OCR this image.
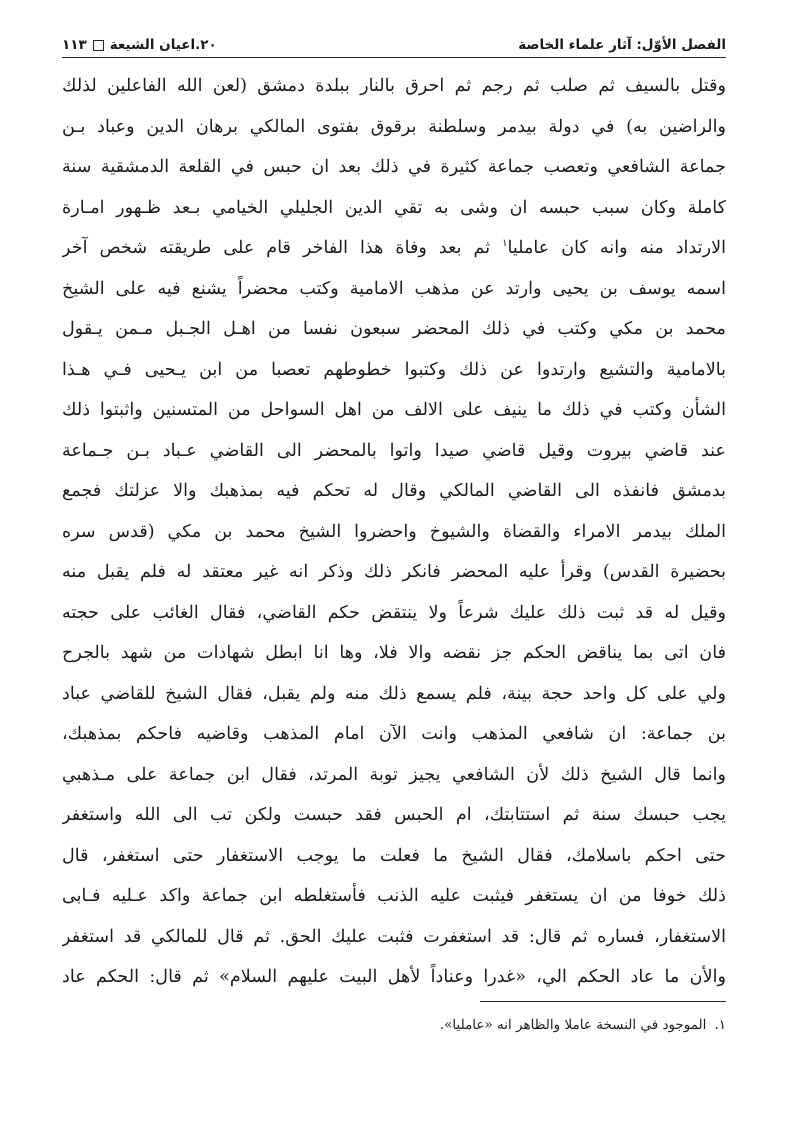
الفصل الأوّل: آثار علماء الخاصة
٢٠.اعيان الشيعة
١١٣
وقتل بالسيف ثم صلب ثم رجم ثم احرق بالنار ببلدة دمشق (لعن الله الفاعلين لذلك
والراضين به) في دولة بيدمر وسلطنة برقوق بفتوى المالكي برهان الدين وعباد بـن
جماعة الشافعي وتعصب جماعة كثيرة في ذلك بعد ان حبس في القلعة الدمشقية سنة
كاملة وكان سبب حبسه ان وشى به تقي الدين الجليلي الخيامي بـعد ظـهور امـارة
الارتداد منه وانه كان عامليا$^١$ ثم بعد وفاة هذا الفاخر قام على طريقته شخص آخر
اسمه يوسف بن يحيى وارتد عن مذهب الامامية وكتب محضراً يشنع فيه على الشيخ
محمد بن مكي وكتب في ذلك المحضر سبعون نفسا من اهـل الجـبل مـمن يـقول
بالامامية والتشيع وارتدوا عن ذلك وكتبوا خطوطهم تعصبا من ابن يـحيى فـي هـذا
الشأن وكتب في ذلك ما ينيف على الالف من اهل السواحل من المتسنين واثبتوا ذلك
عند قاضي بيروت وقيل قاضي صيدا واتوا بالمحضر الى القاضي عـباد بـن جـماعة
بدمشق فانفذه الى القاضي المالكي وقال له تحكم فيه بمذهبك والا عزلتك فجمع
الملك بيدمر الامراء والقضاة والشيوخ واحضروا الشيخ محمد بن مكي (قدس سره
بحضيرة القدس) وقرأ عليه المحضر فانكر ذلك وذكر انه غير معتقد له فلم يقبل منه
وقيل له قد ثبت ذلك عليك شرعاً ولا ينتقض حكم القاضي، فقال الغائب على حجته
فان اتى بما يناقض الحكم جز نقضه والا فلا، وها انا ابطل شهادات من شهد بالجرح
ولي على كل واحد حجة بينة، فلم يسمع ذلك منه ولم يقبل، فقال الشيخ للقاضي عباد
بن جماعة: ان شافعي المذهب وانت الآن امام المذهب وقاضيه فاحكم بمذهبك،
وانما قال الشيخ ذلك لأن الشافعي يجيز توبة المرتد، فقال ابن جماعة على مـذهبي
يجب حبسك سنة ثم استتابتك، ام الحبس فقد حبست ولكن تب الى الله واستغفر
حتى احكم باسلامك، فقال الشيخ ما فعلت ما يوجب الاستغفار حتى استغفر، قال
ذلك خوفا من ان يستغفر فيثبت عليه الذنب فأستغلطه ابن جماعة واكد عـليه فـابى
الاستغفار، فساره ثم قال: قد استغفرت فثبت عليك الحق. ثم قال للمالكي قد استغفر
والأن ما عاد الحكم الي، «غدرا وعناداً لأهل البيت عليهم السلام» ثم قال: الحكم عاد
١.الموجود في النسخة عاملا والظاهر انه «عامليا».
